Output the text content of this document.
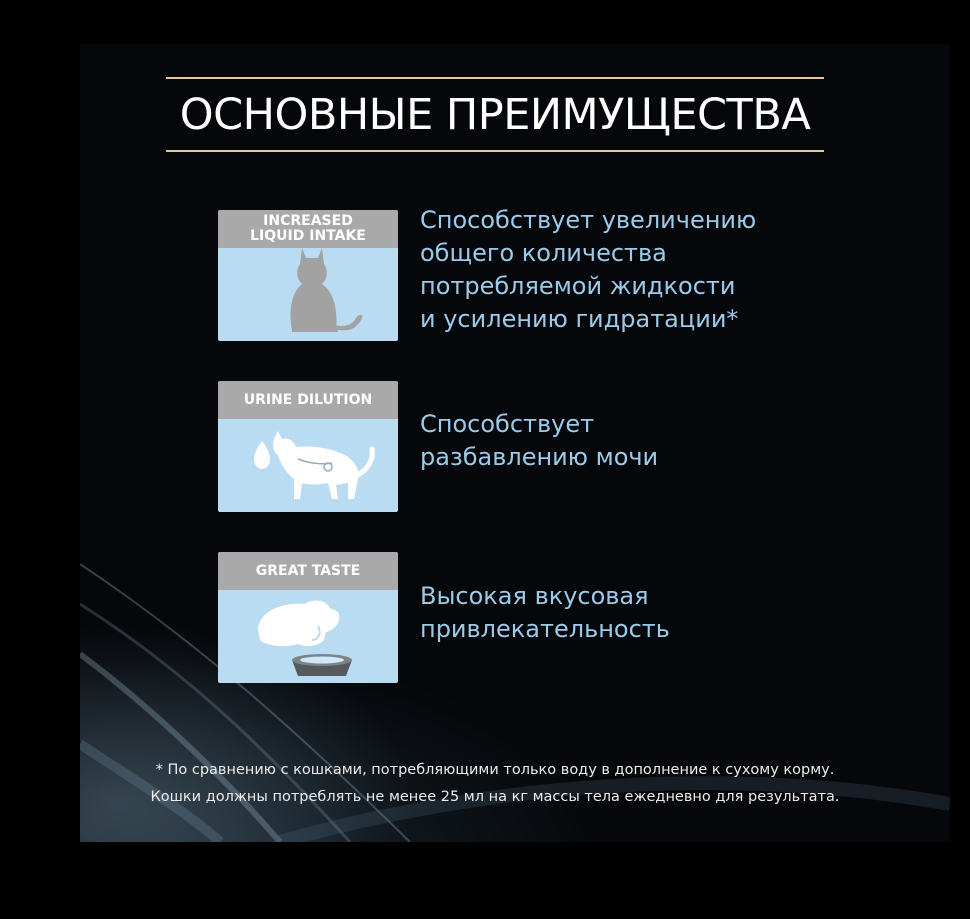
ОСНОВНЫЕ ПРЕИМУЩЕСТВА
INCREASED
LIQUID INTAKE
Способствует увеличению
общего количества
потребляемой жидкости
и усилению гидратации*
URINE DILUTION
Способствует
разбавлению мочи
GREAT TASTE
Высокая вкусовая
привлекательность
* По сравнению с кошками, потребляющими только воду в дополнение к сухому корму.
Кошки должны потреблять не менее 25 мл на кг массы тела ежедневно для результата.
